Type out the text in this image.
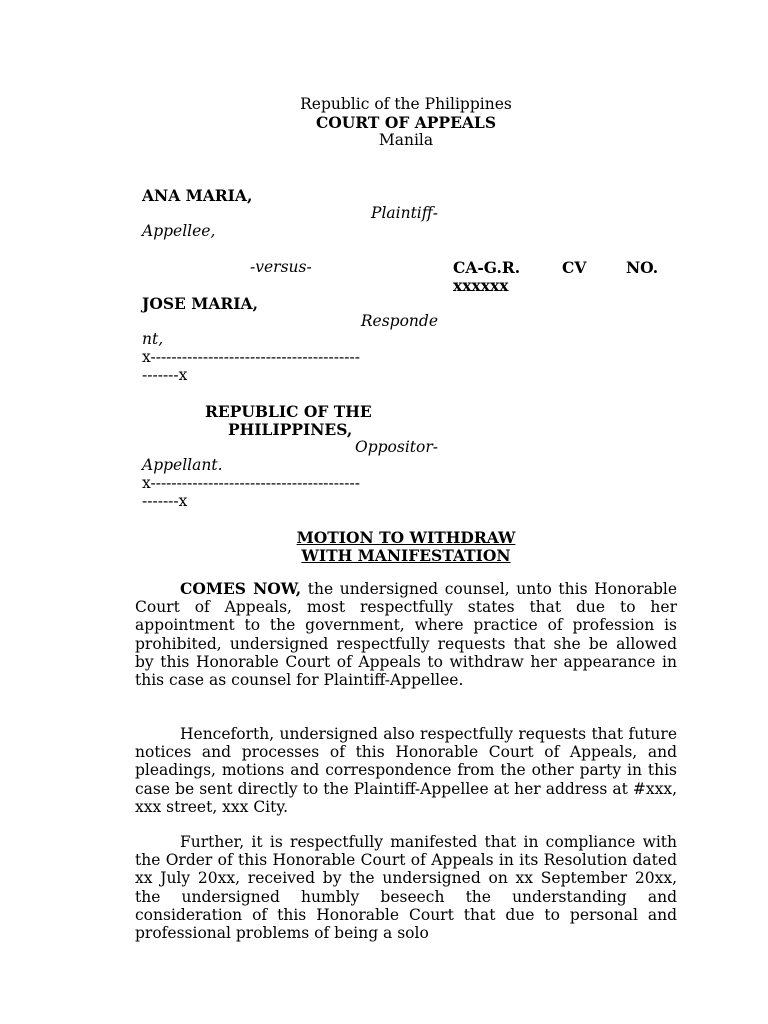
Republic of the Philippines
COURT OF APPEALS
Manila
ANA MARIA,
Plaintiff-
Appellee,
-versus-	CA-G.R.	CV	NO.
xxxxxx
JOSE MARIA,
Responde
nt,
x----------------------------------------
-------x
REPUBLIC OF THE
PHILIPPINES,
Oppositor-
Appellant.
x----------------------------------------
-------x
MOTION TO WITHDRAW
WITH MANIFESTATION
COMES NOW, the undersigned counsel, unto this Honorable Court of Appeals, most respectfully states that due to her appointment to the government, where practice of profession is prohibited, undersigned respectfully requests that she be allowed by this Honorable Court of Appeals to withdraw her appearance in this case as counsel for Plaintiff-Appellee.
Henceforth, undersigned also respectfully requests that future notices and processes of this Honorable Court of Appeals, and pleadings, motions and correspondence from the other party in this case be sent directly to the Plaintiff-Appellee at her address at #xxx, xxx street, xxx City.
Further, it is respectfully manifested that in compliance with the Order of this Honorable Court of Appeals in its Resolution dated xx July 20xx, received by the undersigned on xx September 20xx, the undersigned humbly beseech the understanding and consideration of this Honorable Court that due to personal and professional problems of being a solo
